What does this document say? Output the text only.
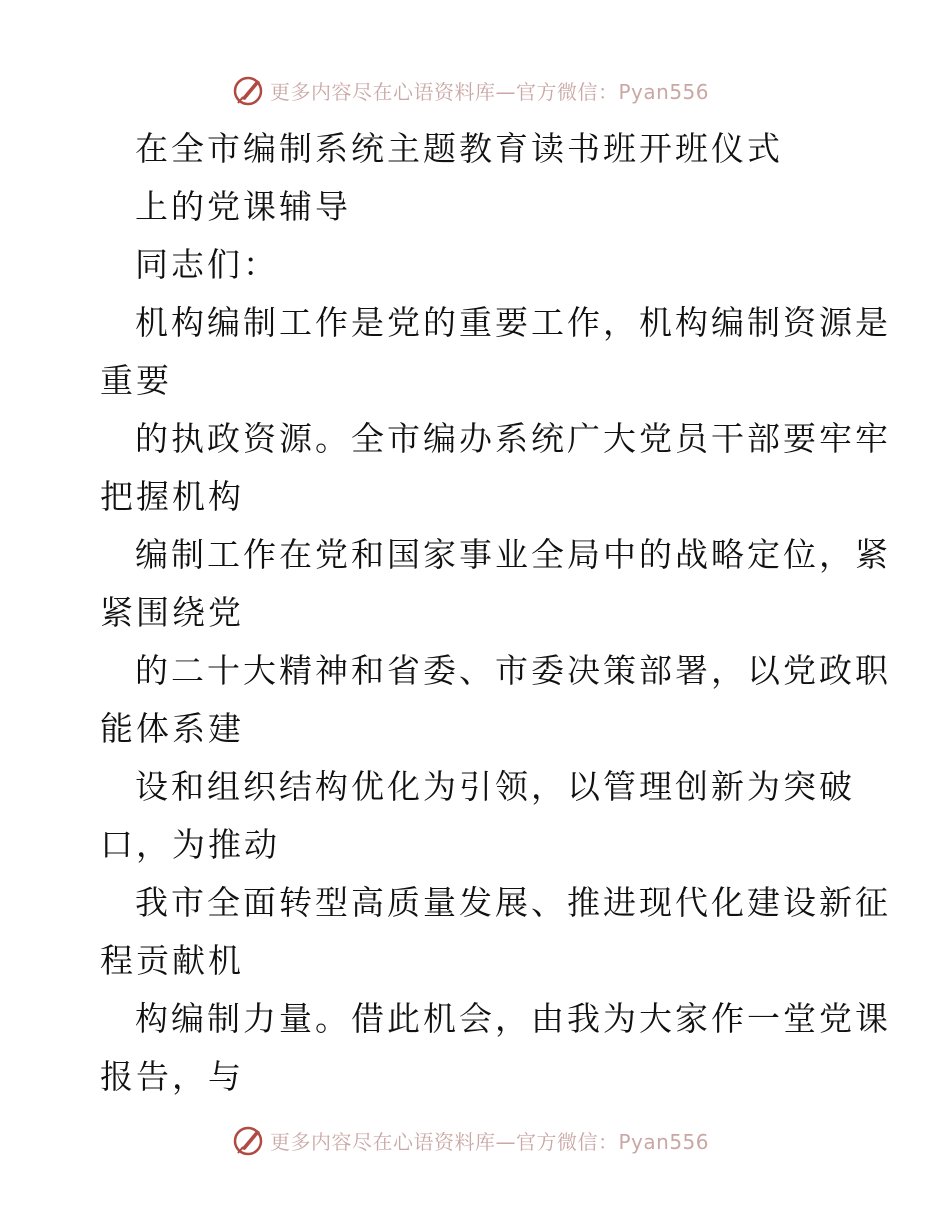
更多内容尽在心语资料库—官方微信：Pyan556
在全市编制系统主题教育读书班开班仪式
上的党课辅导
同志们：
机构编制工作是党的重要工作，机构编制资源是
重要
的执政资源。全市编办系统广大党员干部要牢牢
把握机构
编制工作在党和国家事业全局中的战略定位，紧
紧围绕党
的二十大精神和省委、市委决策部署，以党政职
能体系建
设和组织结构优化为引领，以管理创新为突破
口，为推动
我市全面转型高质量发展、推进现代化建设新征
程贡献机
构编制力量。借此机会，由我为大家作一堂党课
报告，与
更多内容尽在心语资料库—官方微信：Pyan556
